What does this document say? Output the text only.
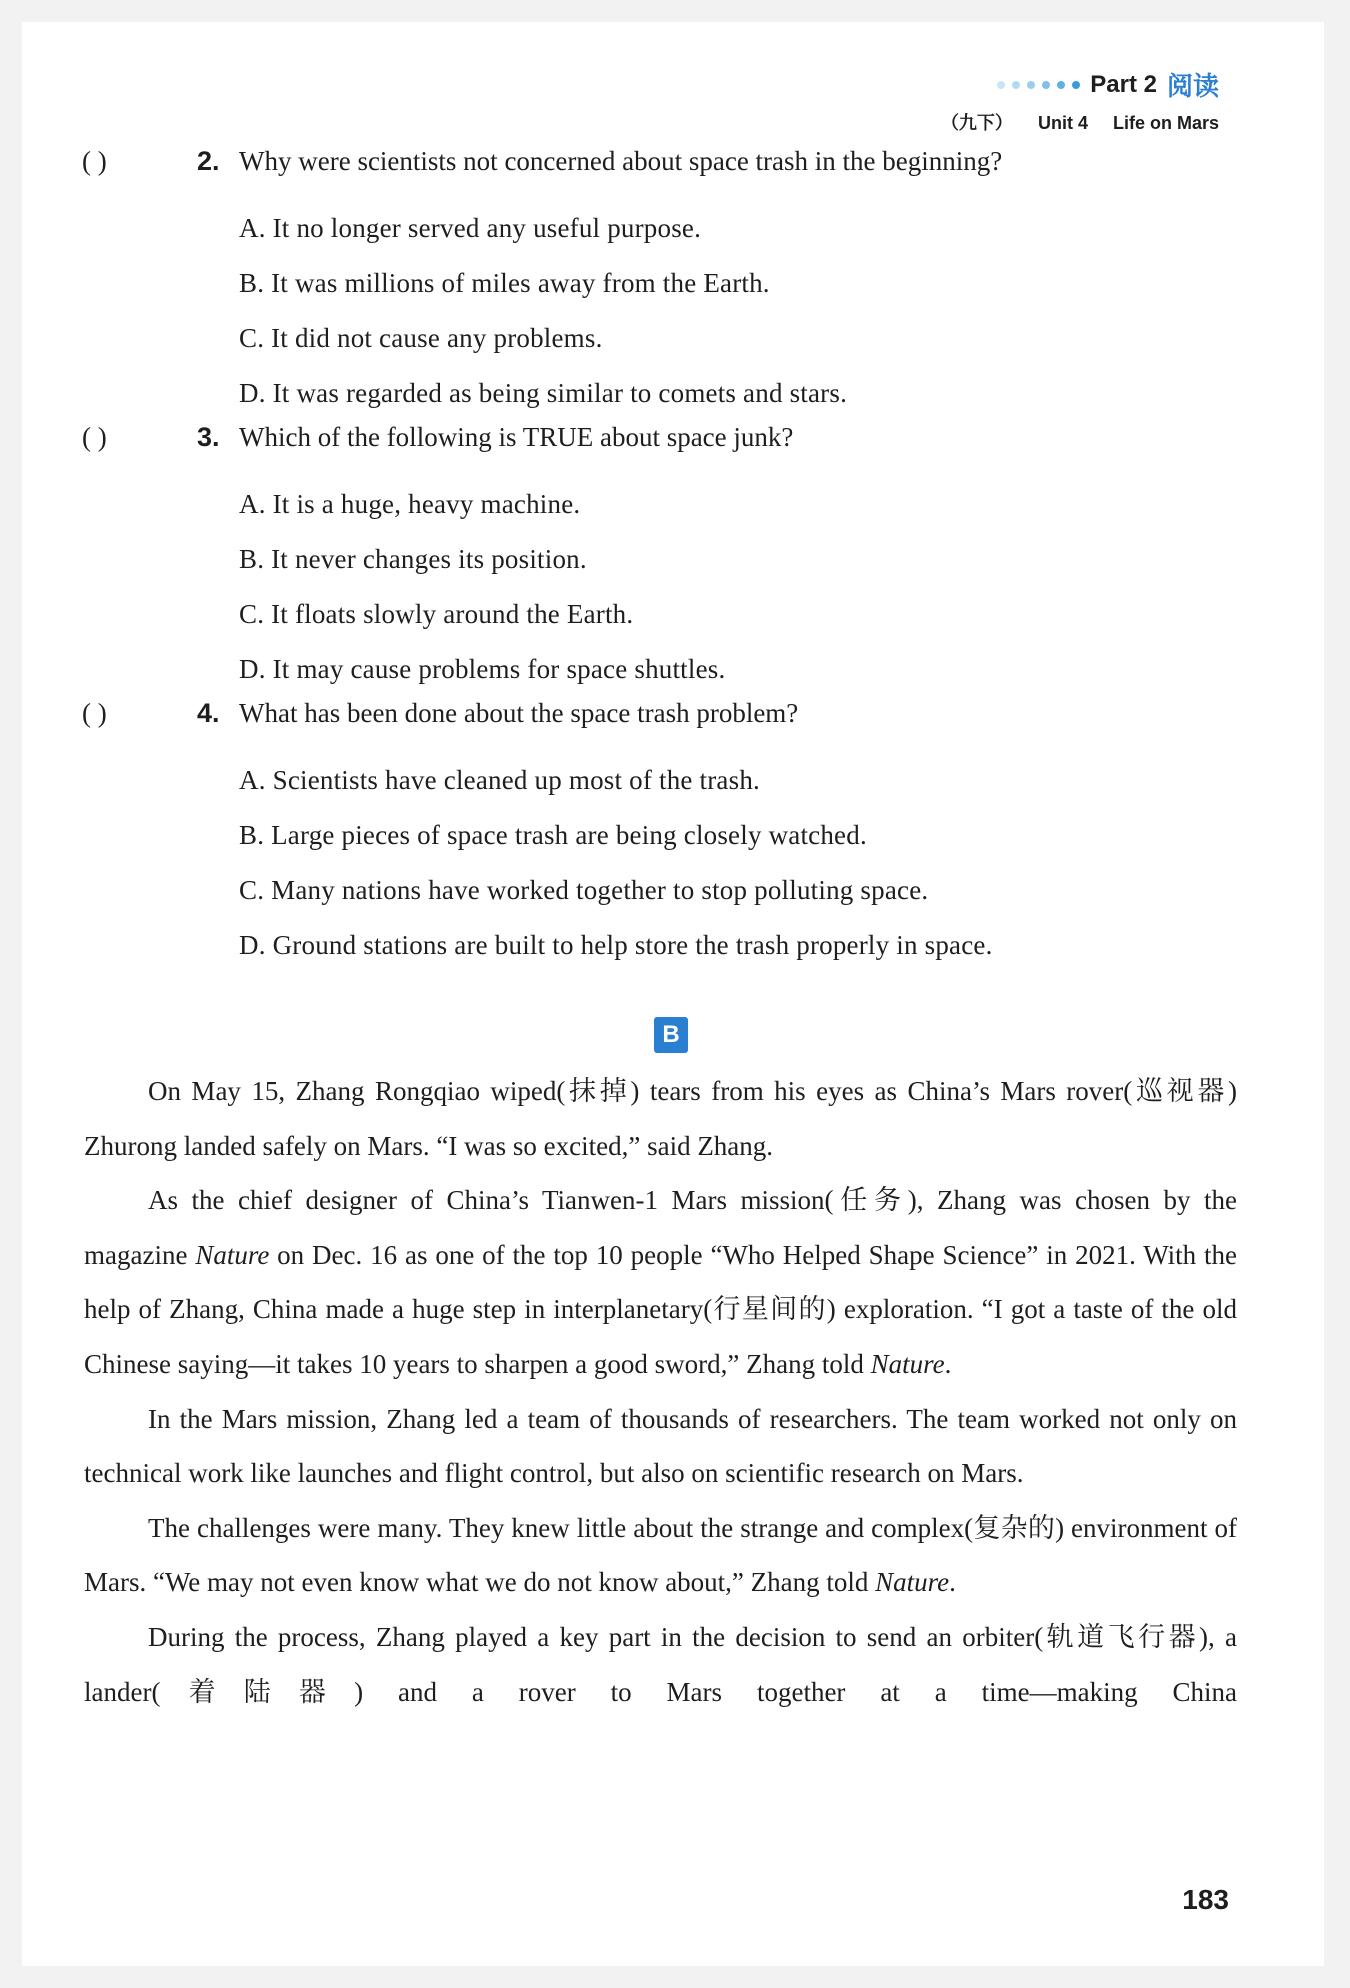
Part 2 阅读
（九下） Unit 4 Life on Mars
( )	2. Why were scientists not concerned about space trash in the beginning?
A. It no longer served any useful purpose.
B. It was millions of miles away from the Earth.
C. It did not cause any problems.
D. It was regarded as being similar to comets and stars.
( )	3. Which of the following is TRUE about space junk?
A. It is a huge, heavy machine.
B. It never changes its position.
C. It floats slowly around the Earth.
D. It may cause problems for space shuttles.
( )	4. What has been done about the space trash problem?
A. Scientists have cleaned up most of the trash.
B. Large pieces of space trash are being closely watched.
C. Many nations have worked together to stop polluting space.
D. Ground stations are built to help store the trash properly in space.
B

On May 15, Zhang Rongqiao wiped(抹掉) tears from his eyes as China’s Mars rover(巡视器) Zhurong landed safely on Mars. “I was so excited,” said Zhang.

As the chief designer of China’s Tianwen-1 Mars mission(任务), Zhang was chosen by the magazine Nature on Dec. 16 as one of the top 10 people “Who Helped Shape Science” in 2021. With the help of Zhang, China made a huge step in interplanetary(行星间的) exploration. “I got a taste of the old Chinese saying—it takes 10 years to sharpen a good sword,” Zhang told Nature.

In the Mars mission, Zhang led a team of thousands of researchers. The team worked not only on technical work like launches and flight control, but also on scientific research on Mars.

The challenges were many. They knew little about the strange and complex(复杂的) environment of Mars. “We may not even know what we do not know about,” Zhang told Nature.

During the process, Zhang played a key part in the decision to send an orbiter(轨道飞行器), a lander(着陆器) and a rover to Mars together at a time—making China

183
